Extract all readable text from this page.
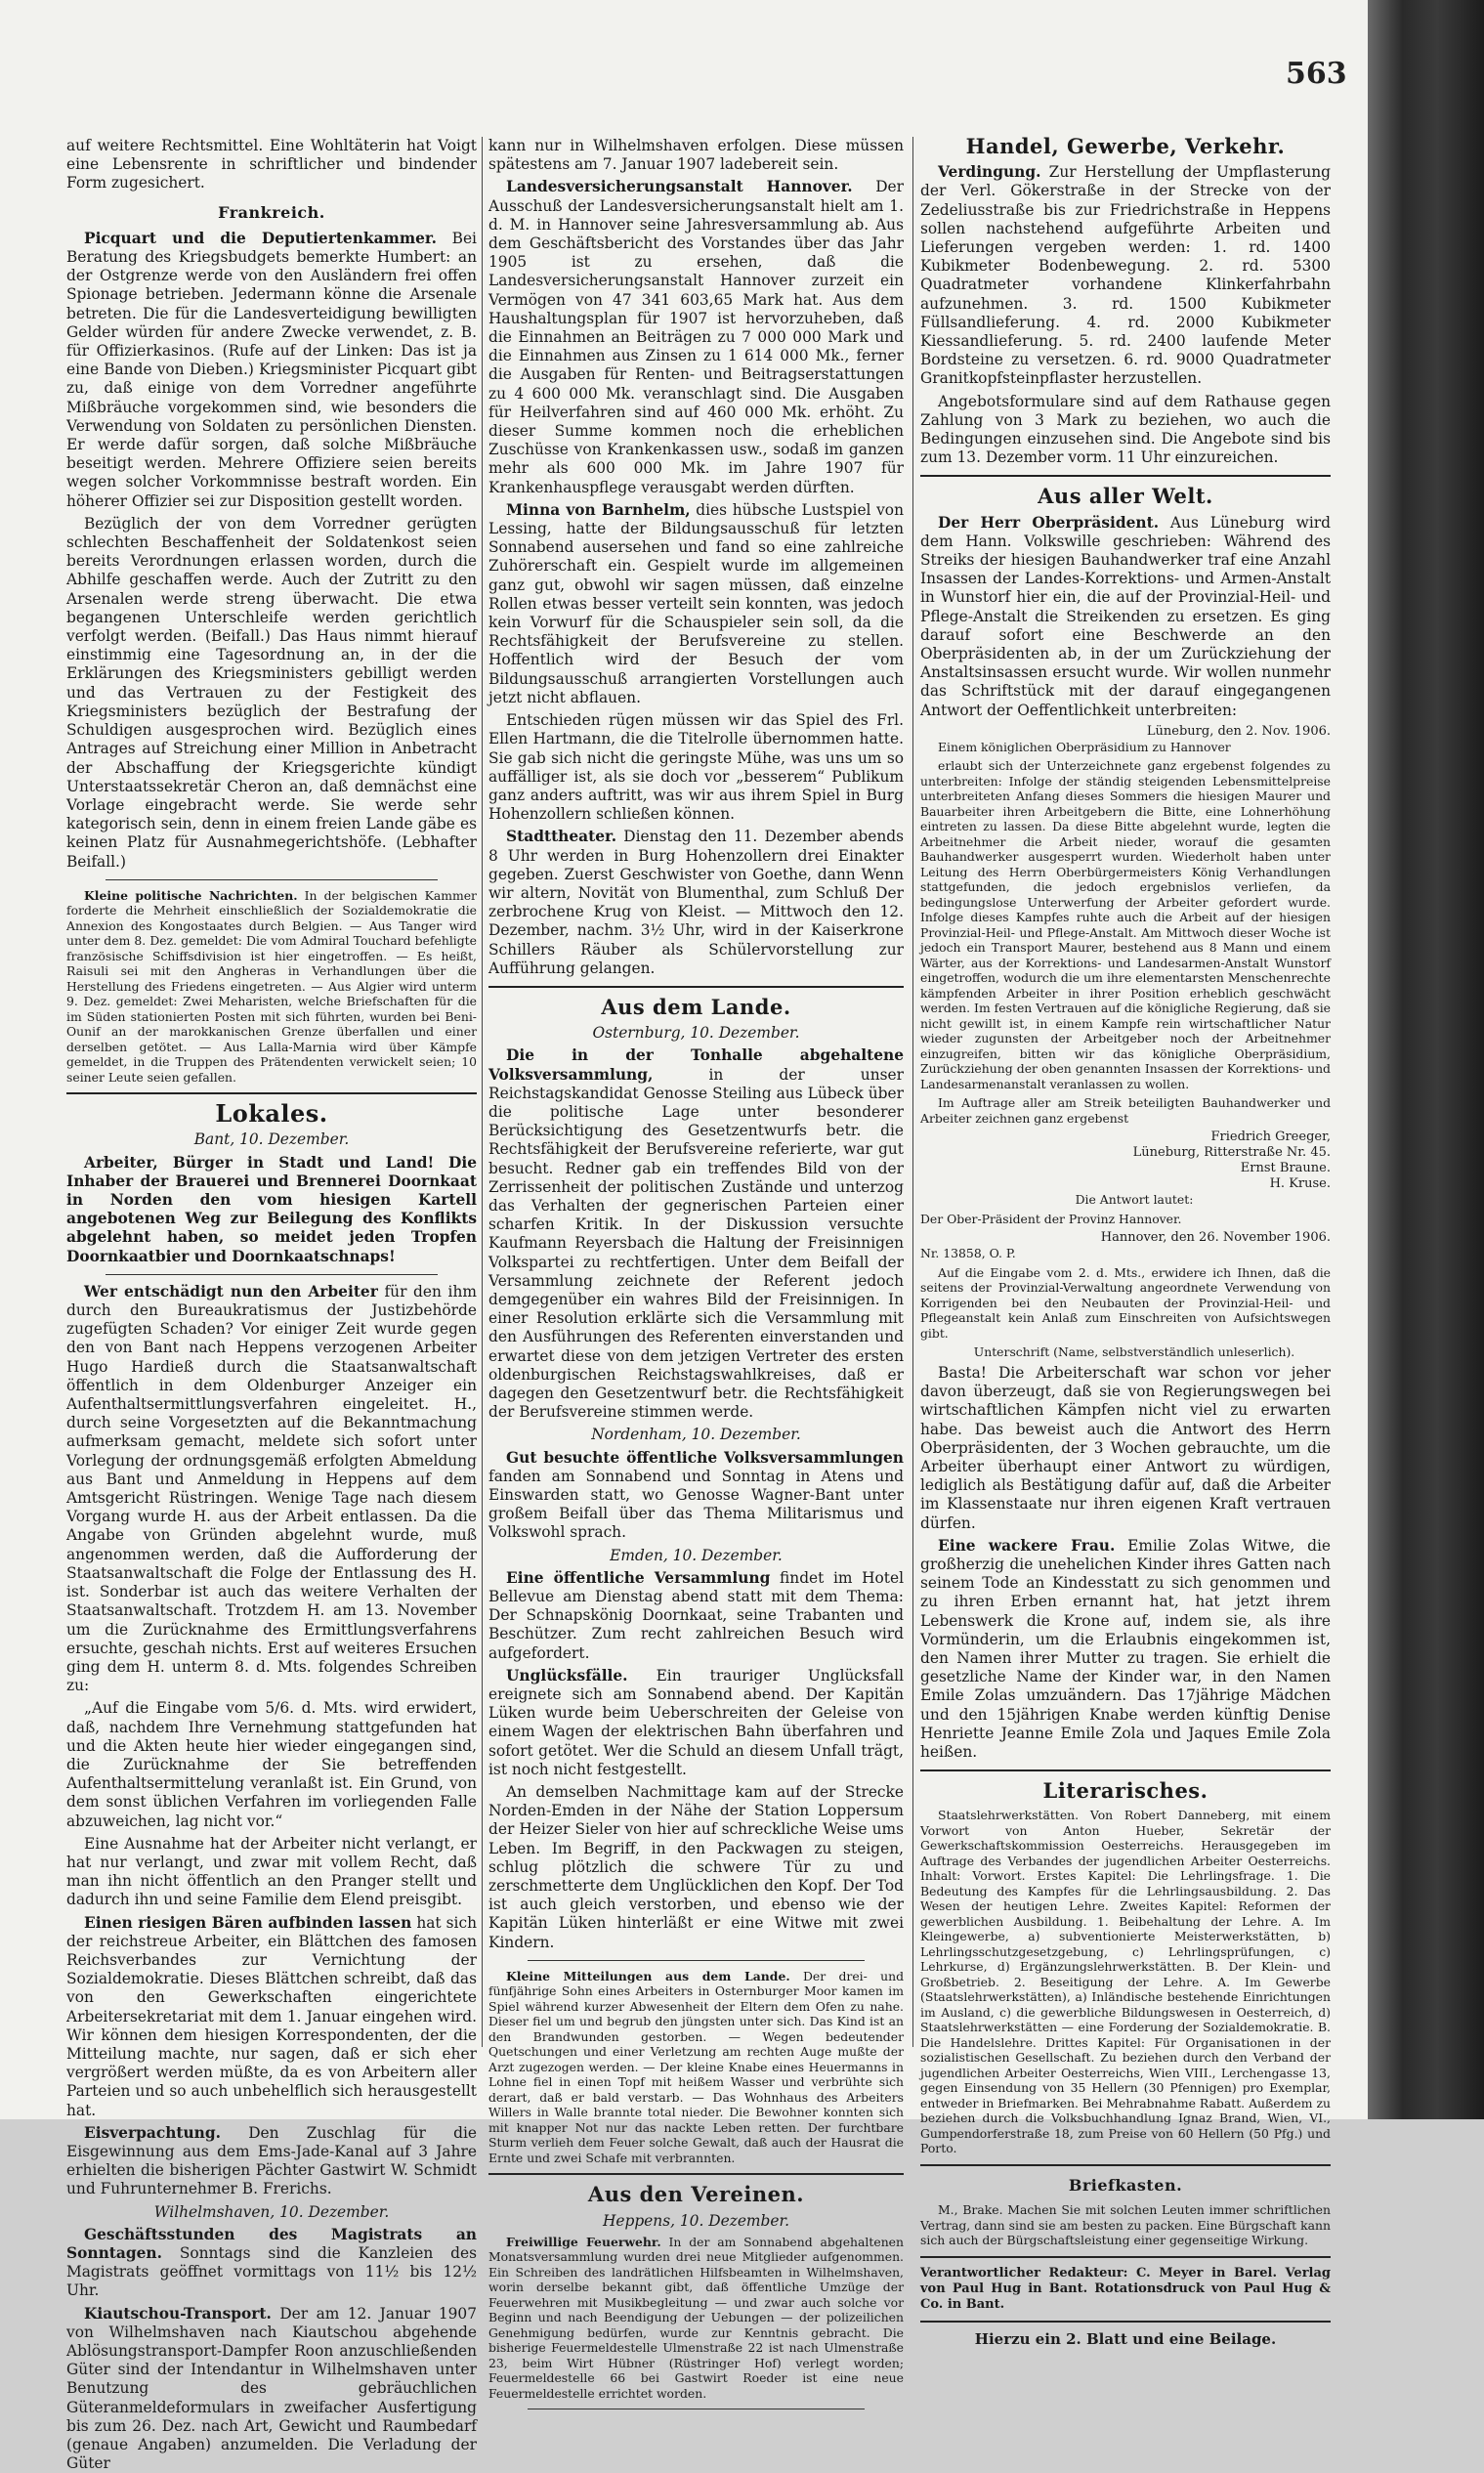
563

auf weitere Rechtsmittel. Eine Wohltäterin hat Voigt eine Lebensrente in schriftlicher und bindender Form zugesichert.

Frankreich.

Picquart und die Deputiertenkammer. Bei Beratung des Kriegsbudgets bemerkte Humbert: an der Ostgrenze werde von den Ausländern frei offen Spionage betrieben. Jedermann könne die Arsenale betreten. Die für die Landesverteidigung bewilligten Gelder würden für andere Zwecke verwendet, z. B. für Offizierkasinos. (Rufe auf der Linken: Das ist ja eine Bande von Dieben.) Kriegsminister Picquart gibt zu, daß einige von dem Vorredner angeführte Mißbräuche vorgekommen sind, wie besonders die Verwendung von Soldaten zu persönlichen Diensten. Er werde dafür sorgen, daß solche Mißbräuche beseitigt werden. Mehrere Offiziere seien bereits wegen solcher Vorkommnisse bestraft worden. Ein höherer Offizier sei zur Disposition gestellt worden.

Bezüglich der von dem Vorredner gerügten schlechten Beschaffenheit der Soldatenkost seien bereits Verordnungen erlassen worden, durch die Abhilfe geschaffen werde. Auch der Zutritt zu den Arsenalen werde streng überwacht. Die etwa begangenen Unterschleife werden gerichtlich verfolgt werden. (Beifall.) Das Haus nimmt hierauf einstimmig eine Tagesordnung an, in der die Erklärungen des Kriegsministers gebilligt werden und das Vertrauen zu der Festigkeit des Kriegsministers bezüglich der Bestrafung der Schuldigen ausgesprochen wird. Bezüglich eines Antrages auf Streichung einer Million in Anbetracht der Abschaffung der Kriegsgerichte kündigt Unterstaatssekretär Cheron an, daß demnächst eine Vorlage eingebracht werde. Sie werde sehr kategorisch sein, denn in einem freien Lande gäbe es keinen Platz für Ausnahmegerichtshöfe. (Lebhafter Beifall.)

Kleine politische Nachrichten. In der belgischen Kammer forderte die Mehrheit einschließlich der Sozialdemokratie die Annexion des Kongostaates durch Belgien. — Aus Tanger wird unter dem 8. Dez. gemeldet: Die vom Admiral Touchard befehligte französische Schiffsdivision ist hier eingetroffen. — Es heißt, Raisuli sei mit den Angheras in Verhandlungen über die Herstellung des Friedens eingetreten. — Aus Algier wird unterm 9. Dez. gemeldet: Zwei Meharisten, welche Briefschaften für die im Süden stationierten Posten mit sich führten, wurden bei Beni-Ounif an der marokkanischen Grenze überfallen und einer derselben getötet. — Aus Lalla-Marnia wird über Kämpfe gemeldet, in die Truppen des Prätendenten verwickelt seien; 10 seiner Leute seien gefallen.

Lokales.
Bant, 10. Dezember.

Arbeiter, Bürger in Stadt und Land! Die Inhaber der Brauerei und Brennerei Doornkaat in Norden den vom hiesigen Kartell angebotenen Weg zur Beilegung des Konflikts abgelehnt haben, so meidet jeden Tropfen Doornkaatbier und Doornkaatschnaps!

Wer entschädigt nun den Arbeiter für den ihm durch den Bureaukratismus der Justizbehörde zugefügten Schaden? Vor einiger Zeit wurde gegen den von Bant nach Heppens verzogenen Arbeiter Hugo Hardieß durch die Staatsanwaltschaft öffentlich in dem Oldenburger Anzeiger ein Aufenthaltsermittlungsverfahren eingeleitet. H., durch seine Vorgesetzten auf die Bekanntmachung aufmerksam gemacht, meldete sich sofort unter Vorlegung der ordnungsgemäß erfolgten Abmeldung aus Bant und Anmeldung in Heppens auf dem Amtsgericht Rüstringen. Wenige Tage nach diesem Vorgang wurde H. aus der Arbeit entlassen. Da die Angabe von Gründen abgelehnt wurde, muß angenommen werden, daß die Aufforderung der Staatsanwaltschaft die Folge der Entlassung des H. ist. Sonderbar ist auch das weitere Verhalten der Staatsanwaltschaft. Trotzdem H. am 13. November um die Zurücknahme des Ermittlungsverfahrens ersuchte, geschah nichts. Erst auf weiteres Ersuchen ging dem H. unterm 8. d. Mts. folgendes Schreiben zu:

„Auf die Eingabe vom 5/6. d. Mts. wird erwidert, daß, nachdem Ihre Vernehmung stattgefunden hat und die Akten heute hier wieder eingegangen sind, die Zurücknahme der Sie betreffenden Aufenthaltsermittelung veranlaßt ist. Ein Grund, von dem sonst üblichen Verfahren im vorliegenden Falle abzuweichen, lag nicht vor.“

Eine Ausnahme hat der Arbeiter nicht verlangt, er hat nur verlangt, und zwar mit vollem Recht, daß man ihn nicht öffentlich an den Pranger stellt und dadurch ihn und seine Familie dem Elend preisgibt.

Einen riesigen Bären aufbinden lassen hat sich der reichstreue Arbeiter, ein Blättchen des famosen Reichsverbandes zur Vernichtung der Sozialdemokratie. Dieses Blättchen schreibt, daß das von den Gewerkschaften eingerichtete Arbeitersekretariat mit dem 1. Januar eingehen wird. Wir können dem hiesigen Korrespondenten, der die Mitteilung machte, nur sagen, daß er sich eher vergrößert werden müßte, da es von Arbeitern aller Parteien und so auch unbehelflich sich herausgestellt hat.

Eisverpachtung. Den Zuschlag für die Eisgewinnung aus dem Ems-Jade-Kanal auf 3 Jahre erhielten die bisherigen Pächter Gastwirt W. Schmidt und Fuhrunternehmer B. Frerichs.

Wilhelmshaven, 10. Dezember.

Geschäftsstunden des Magistrats an Sonntagen. Sonntags sind die Kanzleien des Magistrats geöffnet vormittags von 11½ bis 12½ Uhr.

Kiautschou-Transport. Der am 12. Januar 1907 von Wilhelmshaven nach Kiautschou abgehende Ablösungstransport-Dampfer Roon anzuschließenden Güter sind der Intendantur in Wilhelmshaven unter Benutzung des gebräuchlichen Güteranmeldeformulars in zweifacher Ausfertigung bis zum 26. Dez. nach Art, Gewicht und Raumbedarf (genaue Angaben) anzumelden. Die Verladung der Güter

kann nur in Wilhelmshaven erfolgen. Diese müssen spätestens am 7. Januar 1907 ladebereit sein.

Landesversicherungsanstalt Hannover. Der Ausschuß der Landesversicherungsanstalt hielt am 1. d. M. in Hannover seine Jahresversammlung ab. Aus dem Geschäftsbericht des Vorstandes über das Jahr 1905 ist zu ersehen, daß die Landesversicherungsanstalt Hannover zurzeit ein Vermögen von 47 341 603,65 Mark hat. Aus dem Haushaltungsplan für 1907 ist hervorzuheben, daß die Einnahmen an Beiträgen zu 7 000 000 Mark und die Einnahmen aus Zinsen zu 1 614 000 Mk., ferner die Ausgaben für Renten- und Beitragserstattungen zu 4 600 000 Mk. veranschlagt sind. Die Ausgaben für Heilverfahren sind auf 460 000 Mk. erhöht. Zu dieser Summe kommen noch die erheblichen Zuschüsse von Krankenkassen usw., sodaß im ganzen mehr als 600 000 Mk. im Jahre 1907 für Krankenhauspflege verausgabt werden dürften.

Minna von Barnhelm, dies hübsche Lustspiel von Lessing, hatte der Bildungsausschuß für letzten Sonnabend ausersehen und fand so eine zahlreiche Zuhörerschaft ein. Gespielt wurde im allgemeinen ganz gut, obwohl wir sagen müssen, daß einzelne Rollen etwas besser verteilt sein konnten, was jedoch kein Vorwurf für die Schauspieler sein soll, da die Rechtsfähigkeit der Berufsvereine zu stellen. Hoffentlich wird der Besuch der vom Bildungsausschuß arrangierten Vorstellungen auch jetzt nicht abflauen.

Entschieden rügen müssen wir das Spiel des Frl. Ellen Hartmann, die die Titelrolle übernommen hatte. Sie gab sich nicht die geringste Mühe, was uns um so auffälliger ist, als sie doch vor „besserem“ Publikum ganz anders auftritt, was wir aus ihrem Spiel in Burg Hohenzollern schließen können.

Stadttheater. Dienstag den 11. Dezember abends 8 Uhr werden in Burg Hohenzollern drei Einakter gegeben. Zuerst Geschwister von Goethe, dann Wenn wir altern, Novität von Blumenthal, zum Schluß Der zerbrochene Krug von Kleist. — Mittwoch den 12. Dezember, nachm. 3½ Uhr, wird in der Kaiserkrone Schillers Räuber als Schülervorstellung zur Aufführung gelangen.

Aus dem Lande.
Osternburg, 10. Dezember.

Die in der Tonhalle abgehaltene Volksversammlung,	in der unser Reichstagskandidat Genosse Steiling aus Lübeck über die politische Lage unter besonderer Berücksichtigung des Gesetzentwurfs betr. die Rechtsfähigkeit der Berufsvereine referierte, war gut besucht. Redner gab ein treffendes Bild von der Zerrissenheit der politischen Zustände und unterzog das Verhalten der gegnerischen Parteien einer scharfen Kritik. In der Diskussion versuchte Kaufmann Reyersbach die Haltung der Freisinnigen Volkspartei zu rechtfertigen. Unter dem Beifall der Versammlung zeichnete der Referent jedoch demgegenüber ein wahres Bild der Freisinnigen. In einer Resolution erklärte sich die Versammlung mit den Ausführungen des Referenten einverstanden und erwartet diese von dem jetzigen Vertreter des ersten oldenburgischen Reichstagswahlkreises, daß er dagegen den Gesetzentwurf betr. die Rechtsfähigkeit der Berufsvereine stimmen werde.

Nordenham, 10. Dezember.

Gut besuchte öffentliche Volksversammlungen fanden am Sonnabend und Sonntag in Atens und Einswarden statt, wo Genosse Wagner-Bant unter großem Beifall über das Thema Militarismus und Volkswohl sprach.

Emden, 10. Dezember.

Eine öffentliche Versammlung findet im Hotel Bellevue am Dienstag abend statt mit dem Thema: Der Schnapskönig Doornkaat, seine Trabanten und Beschützer. Zum recht zahlreichen Besuch wird aufgefordert.

Unglücksfälle. Ein trauriger Unglücksfall ereignete sich am Sonnabend abend. Der Kapitän Lüken wurde beim Ueberschreiten der Geleise von einem Wagen der elektrischen Bahn überfahren und sofort getötet. Wer die Schuld an diesem Unfall trägt, ist noch nicht festgestellt.

An demselben Nachmittage kam auf der Strecke Norden-Emden in der Nähe der Station Loppersum der Heizer Sieler von hier auf schreckliche Weise ums Leben. Im Begriff, in den Packwagen zu steigen, schlug plötzlich die schwere Tür zu und zerschmetterte dem Unglücklichen den Kopf. Der Tod ist auch gleich verstorben, und ebenso wie der Kapitän Lüken hinterläßt er eine Witwe mit zwei Kindern.

Kleine Mitteilungen aus dem Lande. Der drei- und fünfjährige Sohn eines Arbeiters in Osternburger Moor kamen im Spiel während kurzer Abwesenheit der Eltern dem Ofen zu nahe. Dieser fiel um und begrub den jüngsten unter sich. Das Kind ist an den Brandwunden gestorben. — Wegen bedeutender Quetschungen und einer Verletzung am rechten Auge mußte der Arzt zugezogen werden. — Der kleine Knabe eines Heuermanns in Lohne fiel in einen Topf mit heißem Wasser und verbrühte sich derart, daß er bald verstarb. — Das Wohnhaus des Arbeiters Willers in Walle brannte total nieder. Die Bewohner konnten sich mit knapper Not nur das nackte Leben retten. Der furchtbare Sturm verlieh dem Feuer solche Gewalt, daß auch der Hausrat die Ernte und zwei Schafe mit verbrannten.

Aus den Vereinen.
Heppens, 10. Dezember.

Freiwillige Feuerwehr. In der am Sonnabend abgehaltenen Monatsversammlung wurden drei neue Mitglieder aufgenommen. Ein Schreiben des landrätlichen Hilfsbeamten in Wilhelmshaven, worin derselbe bekannt gibt, daß öffentliche Umzüge der Feuerwehren mit Musikbegleitung — und zwar auch solche vor Beginn und nach Beendigung der Uebungen — der polizeilichen Genehmigung bedürfen, wurde zur Kenntnis gebracht. Die bisherige Feuermeldestelle Ulmenstraße 22 ist nach Ulmenstraße 23, beim Wirt Hübner (Rüstringer Hof) verlegt worden; Feuermeldestelle 66 bei Gastwirt Roeder ist eine neue Feuermeldestelle errichtet worden.

Handel, Gewerbe, Verkehr.

Verdingung. Zur Herstellung der Umpflasterung der Verl. Gökerstraße in der Strecke von der Zedeliusstraße bis zur Friedrichstraße in Heppens sollen nachstehend aufgeführte Arbeiten und Lieferungen vergeben werden: 1. rd. 1400 Kubikmeter Bodenbewegung. 2. rd. 5300 Quadratmeter vorhandene Klinkerfahrbahn aufzunehmen. 3. rd. 1500 Kubikmeter Füllsandlieferung. 4. rd. 2000 Kubikmeter Kiessandlieferung. 5. rd. 2400 laufende Meter Bordsteine zu versetzen. 6. rd. 9000 Quadratmeter Granitkopfsteinpflaster herzustellen.

Angebotsformulare sind auf dem Rathause gegen Zahlung von 3 Mark zu beziehen, wo auch die Bedingungen einzusehen sind. Die Angebote sind bis zum 13. Dezember vorm. 11 Uhr einzureichen.

Aus aller Welt.

Der Herr Oberpräsident. Aus Lüneburg wird dem Hann. Volkswille geschrieben: Während des Streiks der hiesigen Bauhandwerker traf eine Anzahl Insassen der Landes-Korrektions- und Armen-Anstalt in Wunstorf hier ein, die auf der Provinzial-Heil- und Pflege-Anstalt die Streikenden zu ersetzen. Es ging darauf sofort eine Beschwerde an den Oberpräsidenten ab, in der um Zurückziehung der Anstaltsinsassen ersucht wurde. Wir wollen nunmehr das Schriftstück mit der darauf eingegangenen Antwort der Oeffentlichkeit unterbreiten:

Lüneburg, den 2. Nov. 1906.

Einem königlichen Oberpräsidium zu Hannover

erlaubt sich der Unterzeichnete ganz ergebenst folgendes zu unterbreiten: Infolge der ständig steigenden Lebensmittelpreise unterbreiteten Anfang dieses Sommers die hiesigen Maurer und Bauarbeiter ihren Arbeitgebern die Bitte, eine Lohnerhöhung eintreten zu lassen. Da diese Bitte abgelehnt wurde, legten die Arbeitnehmer die Arbeit nieder, worauf die gesamten Bauhandwerker ausgesperrt wurden. Wiederholt haben unter Leitung des Herrn Oberbürgermeisters König Verhandlungen stattgefunden, die jedoch ergebnislos verliefen, da bedingungslose Unterwerfung der Arbeiter gefordert wurde. Infolge dieses Kampfes ruhte auch die Arbeit auf der hiesigen Provinzial-Heil- und Pflege-Anstalt. Am Mittwoch dieser Woche ist jedoch ein Transport Maurer, bestehend aus 8 Mann und einem Wärter, aus der Korrektions- und Landesarmen-Anstalt Wunstorf eingetroffen, wodurch die um ihre elementarsten Menschenrechte kämpfenden Arbeiter in ihrer Position erheblich geschwächt werden. Im festen Vertrauen auf die königliche Regierung, daß sie nicht gewillt ist, in einem Kampfe rein wirtschaftlicher Natur wieder zugunsten der Arbeitgeber noch der Arbeitnehmer einzugreifen, bitten wir das königliche Oberpräsidium, Zurückziehung der oben genannten Insassen der Korrektions- und Landesarmenanstalt veranlassen zu wollen.

Im Auftrage aller am Streik beteiligten Bauhandwerker und Arbeiter zeichnen ganz ergebenst

Friedrich Greeger,
Lüneburg, Ritterstraße Nr. 45.
Ernst Braune.
H. Kruse.

Die Antwort lautet:

Der Ober-Präsident der Provinz Hannover.

Hannover, den 26. November 1906.

Nr. 13858, O. P.

Auf die Eingabe vom 2. d. Mts., erwidere ich Ihnen, daß die seitens der Provinzial-Verwaltung angeordnete Verwendung von Korrigenden bei den Neubauten der Provinzial-Heil- und Pflegeanstalt kein Anlaß zum Einschreiten von Aufsichtswegen gibt.

Unterschrift (Name, selbstverständlich unleserlich).

Basta! Die Arbeiterschaft war schon vor jeher davon überzeugt, daß sie von Regierungswegen bei wirtschaftlichen Kämpfen nicht viel zu erwarten habe. Das beweist auch die Antwort des Herrn Oberpräsidenten, der 3 Wochen gebrauchte, um die Arbeiter überhaupt einer Antwort zu würdigen, lediglich als Bestätigung dafür auf, daß die Arbeiter im Klassenstaate nur ihren eigenen Kraft vertrauen dürfen.

Eine wackere Frau. Emilie Zolas Witwe, die großherzig die unehelichen Kinder ihres Gatten nach seinem Tode an Kindesstatt zu sich genommen und zu ihren Erben ernannt hat, hat jetzt ihrem Lebenswerk die Krone auf, indem sie, als ihre Vormünderin, um die Erlaubnis eingekommen ist, den Namen ihrer Mutter zu tragen. Sie erhielt die gesetzliche Name der Kinder war, in den Namen Emile Zolas umzuändern. Das 17jährige Mädchen und den 15jährigen Knabe werden künftig Denise Henriette Jeanne Emile Zola und Jaques Emile Zola heißen.

Literarisches.

Staatslehrwerkstätten. Von Robert Danneberg, mit einem Vorwort von Anton Hueber, Sekretär der Gewerkschaftskommission Oesterreichs. Herausgegeben im Auftrage des Verbandes der jugendlichen Arbeiter Oesterreichs. Inhalt: Vorwort. Erstes Kapitel: Die Lehrlingsfrage. 1. Die Bedeutung des Kampfes für die Lehrlingsausbildung. 2. Das Wesen der heutigen Lehre. Zweites Kapitel: Reformen der gewerblichen Ausbildung. 1. Beibehaltung der Lehre. A. Im Kleingewerbe, a) subventionierte Meisterwerkstätten, b) Lehrlingsschutzgesetzgebung, c) Lehrlingsprüfungen, c) Lehrkurse, d) Ergänzungslehrwerkstätten. B. Der Klein- und Großbetrieb. 2. Beseitigung der Lehre. A. Im Gewerbe (Staatslehrwerkstätten), a) Inländische bestehende Einrichtungen im Ausland, c) die gewerbliche Bildungswesen in Oesterreich, d) Staatslehrwerkstätten — eine Forderung der Sozialdemokratie. B. Die Handelslehre. Drittes Kapitel: Für Organisationen in der sozialistischen Gesellschaft. Zu beziehen durch den Verband der jugendlichen Arbeiter Oesterreichs, Wien VIII., Lerchengasse 13, gegen Einsendung von 35 Hellern (30 Pfennigen) pro Exemplar, entweder in Briefmarken. Bei Mehrabnahme Rabatt. Außerdem zu beziehen durch die Volksbuchhandlung Ignaz Brand, Wien, VI., Gumpendorferstraße 18, zum Preise von 60 Hellern (50 Pfg.) und Porto.

Briefkasten.

M., Brake. Machen Sie mit solchen Leuten immer schriftlichen Vertrag, dann sind sie am besten zu packen. Eine Bürgschaft kann sich auch der Bürgschaftsleistung einer gegenseitige Wirkung.

Verantwortlicher Redakteur: C. Meyer in Barel. Verlag von Paul Hug in Bant. Rotationsdruck von Paul Hug & Co. in Bant.
Hierzu ein 2. Blatt und eine Beilage.
